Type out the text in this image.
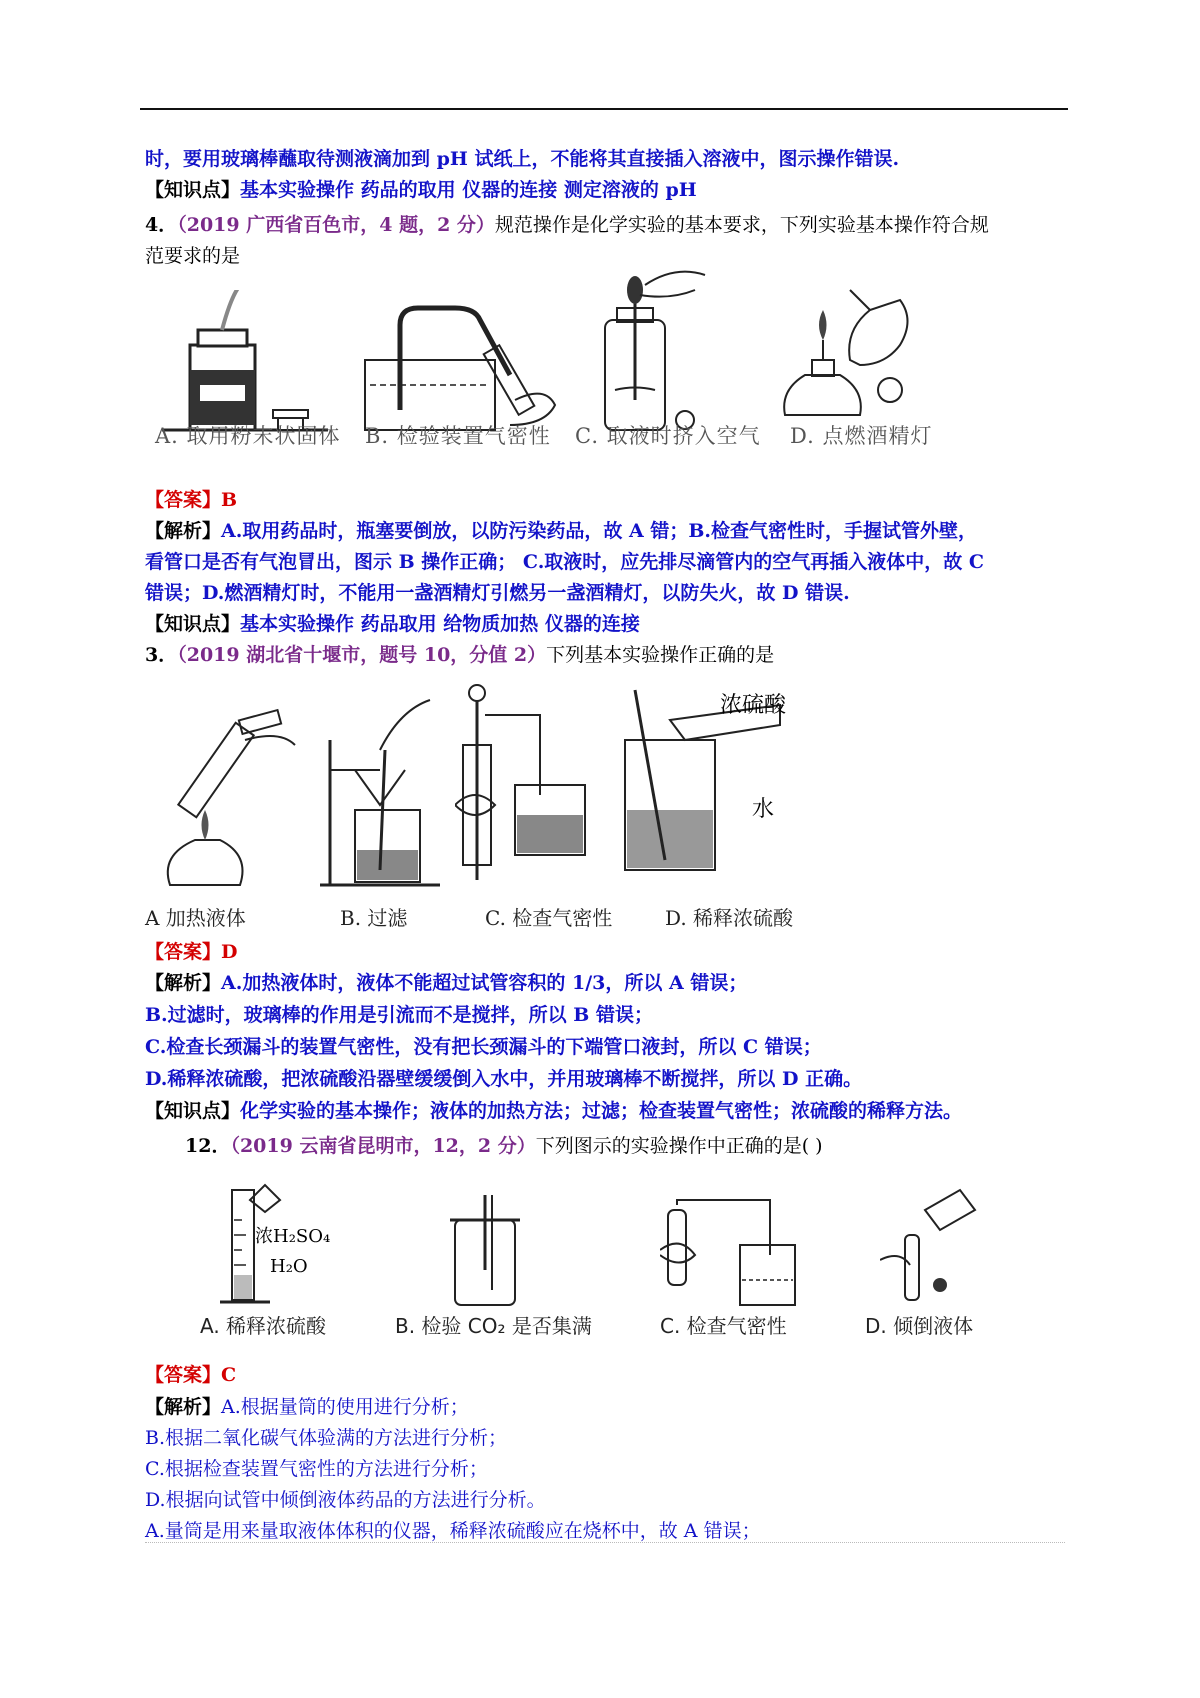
时，要用玻璃棒蘸取待测液滴加到 pH 试纸上，不能将其直接插入溶液中，图示操作错误.
【知识点】基本实验操作 药品的取用 仪器的连接 测定溶液的 pH
4．（2019 广西省百色市，4 题，2 分）规范操作是化学实验的基本要求，下列实验基本操作符合规
范要求的是
A. 取用粉末状固体 B. 检验装置气密性 C. 取液时挤入空气 D. 点燃酒精灯
【答案】B
【解析】A.取用药品时，瓶塞要倒放，以防污染药品，故 A 错；B.检查气密性时，手握试管外壁，
看管口是否有气泡冒出，图示 B 操作正确； C.取液时，应先排尽滴管内的空气再插入液体中，故 C
错误；D.燃酒精灯时，不能用一盏酒精灯引燃另一盏酒精灯，以防失火，故 D 错误.
【知识点】基本实验操作 药品取用 给物质加热 仪器的连接
3．（2019 湖北省十堰市，题号 10，分值 2）下列基本实验操作正确的是
浓硫酸
水
A 加热液体	B. 过滤	C. 检查气密性	D. 稀释浓硫酸
【答案】D
【解析】A.加热液体时，液体不能超过试管容积的 1/3，所以 A 错误；
B.过滤时，玻璃棒的作用是引流而不是搅拌，所以 B 错误；
C.检查长颈漏斗的装置气密性，没有把长颈漏斗的下端管口液封，所以 C 错误；
D.稀释浓硫酸，把浓硫酸沿器壁缓缓倒入水中，并用玻璃棒不断搅拌，所以 D 正确。
【知识点】化学实验的基本操作；液体的加热方法；过滤；检查装置气密性；浓硫酸的稀释方法。
12．（2019 云南省昆明市，12，2 分）下列图示的实验操作中正确的是( )
浓H₂SO₄
H₂O
A. 稀释浓硫酸	B. 检验 CO₂ 是否集满	C. 检查气密性	D. 倾倒液体
【答案】C
【解析】A.根据量筒的使用进行分析；
B.根据二氧化碳气体验满的方法进行分析；
C.根据检查装置气密性的方法进行分析；
D.根据向试管中倾倒液体药品的方法进行分析。
A.量筒是用来量取液体体积的仪器，稀释浓硫酸应在烧杯中，故 A 错误；
